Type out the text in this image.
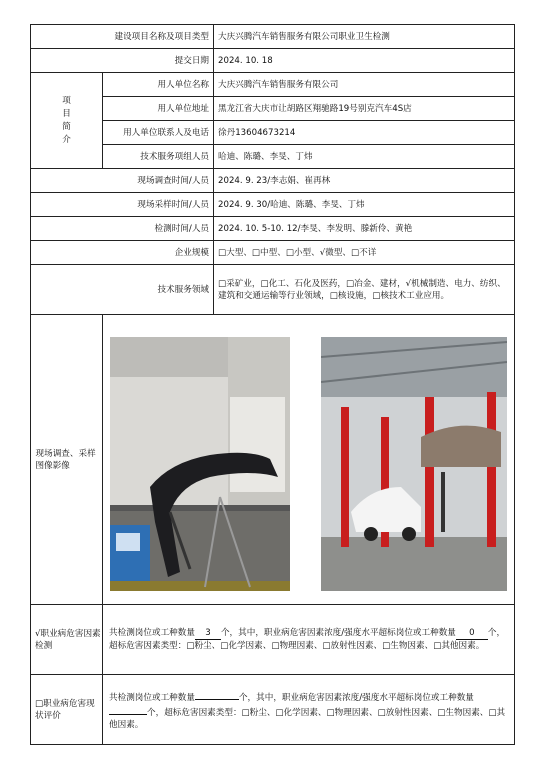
建设项目名称及项目类型		大庆兴腾汽车销售服务有限公司职业卫生检测
提交日期		2024. 10. 18

项目简介	用人单位名称	大庆兴腾汽车销售服务有限公司
	用人单位地址	黑龙江省大庆市让胡路区翔驰路19号别克汽车4S店
	用人单位联系人及电话	徐丹13604673214
	技术服务项组人员	哈迪、陈璐、李旻、丁炜
现场调查时间/人员		2024. 9. 23/李志娟、崔再林
现场采样时间/人员		2024. 9. 30/哈迪、陈璐、李旻、丁炜
检测时间/人员		2024. 10. 5-10. 12/李旻、李发明、滕新伶、黄艳
企业规模		□大型、□中型、□小型、√微型、□不详
技术服务领域		□采矿业，□化工、石化及医药，□冶金、建材，√机械制造、电力、纺织、建筑和交通运输等行业领域，□核设施，□核技术工业应用。

现场调查、采样图像影像

√职业病危害因素检测	共检测岗位或工种数量 3 个，其中，职业病危害因素浓度/强度水平超标岗位或工种数量 0 个，超标危害因素类型：□粉尘、□化学因素、□物理因素、□放射性因素、□生物因素、□其他因素。	

□职业病危害现状评价	共检测岗位或工种数量 个，其中，职业病危害因素浓度/强度水平超标岗位或工种数量个，超标危害因素类型：□粉尘、□化学因素、□物理因素、□放射性因素、□生物因素、□其他因素。	
